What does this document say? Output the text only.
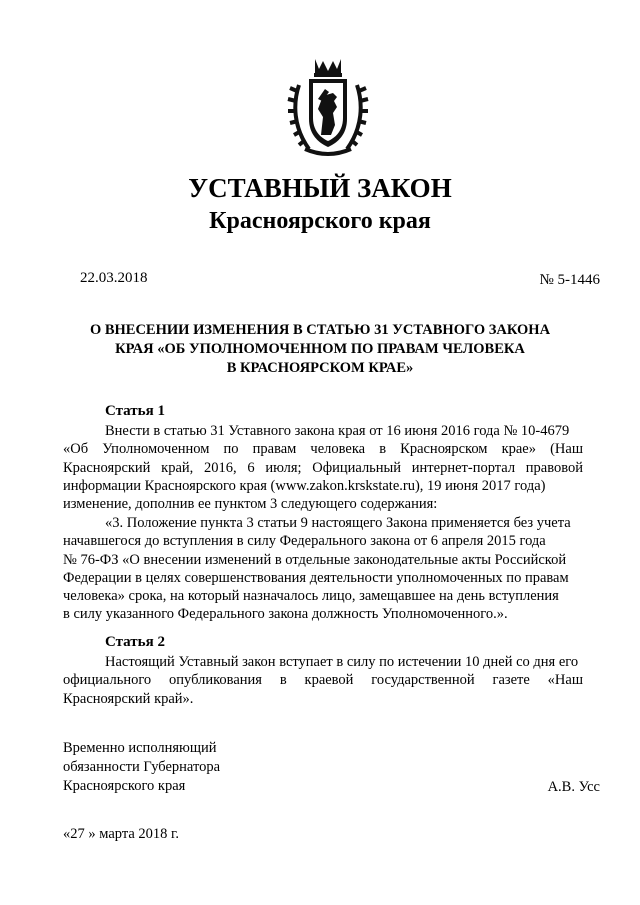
УСТАВНЫЙ ЗАКОН
Красноярского края
22.03.2018	№ 5-1446
О ВНЕСЕНИИ ИЗМЕНЕНИЯ В СТАТЬЮ 31 УСТАВНОГО ЗАКОНА
КРАЯ «ОБ УПОЛНОМОЧЕННОМ ПО ПРАВАМ ЧЕЛОВЕКА
В КРАСНОЯРСКОМ КРАЕ»
Статья 1
Внести в статью 31 Уставного закона края от 16 июня 2016 года № 10-4679
«Об Уполномоченном по правам человека в Красноярском крае» (Наш
Красноярский край, 2016, 6 июля; Официальный интернет-портал правовой
информации Красноярского края (www.zakon.krskstate.ru), 19 июня 2017 года)
изменение, дополнив ее пунктом 3 следующего содержания:
«3. Положение пункта 3 статьи 9 настоящего Закона применяется без учета
начавшегося до вступления в силу Федерального закона от 6 апреля 2015 года
№ 76-ФЗ «О внесении изменений в отдельные законодательные акты Российской
Федерации в целях совершенствования деятельности уполномоченных по правам
человека» срока, на который назначалось лицо, замещавшее на день вступления
в силу указанного Федерального закона должность Уполномоченного.».
Статья 2
Настоящий Уставный закон вступает в силу по истечении 10 дней со дня его
официального опубликования в краевой государственной газете «Наш
Красноярский край».
Временно исполняющий
обязанности Губернатора
Красноярского края	А.В. Усс
«27 » марта 2018 г.
